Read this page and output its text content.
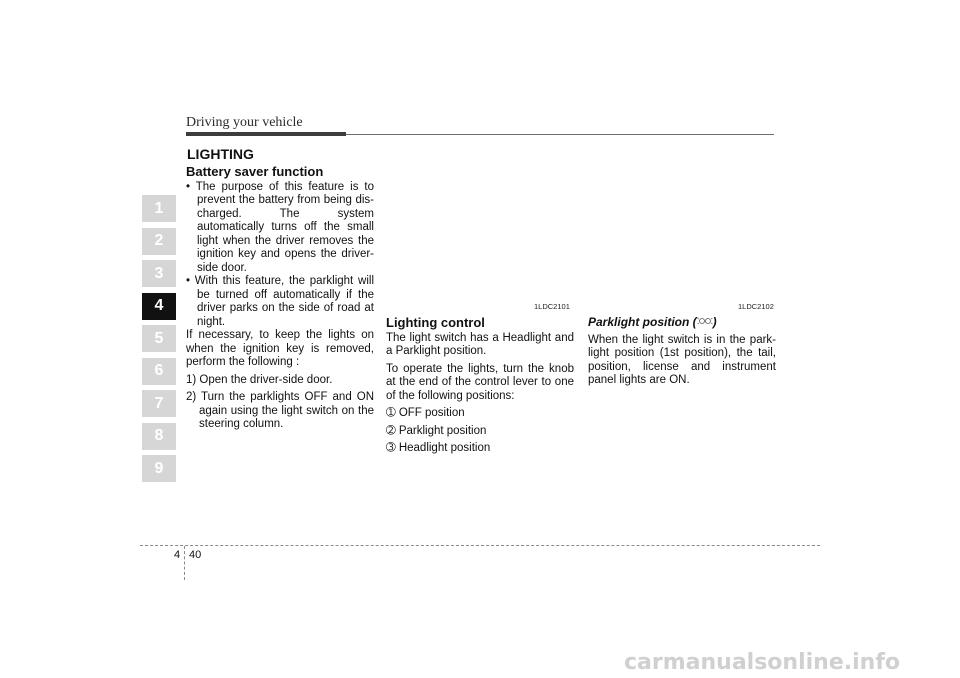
Driving your vehicle
LIGHTING
1
2
3
4
5
6
7
8
9
Battery saver function

• The purpose of this feature is to prevent the battery from being dis-charged. The system automatically turns off the small light when the driver removes the ignition key and opens the driver- side door.

• With this feature, the parklight will be turned off automatically if the driver parks on the side of road at night.

If necessary, to keep the lights on when the ignition key is removed, perform the following :

1) Open the driver-side door.

2) Turn the parklights OFF and ON again using the light switch on the steering column.

1LDC2101	1LDC2102
Lighting control

The light switch has a Headlight and a Parklight position.

To operate the lights, turn the knob at the end of the control lever to one of the following positions:

➀ OFF position

➁ Parklight position

➂ Headlight position

Parklight position ( )

When the light switch is in the park-light position (1st position), the tail, position, license and instrument panel lights are ON.

4 40
carmanualsonline.info
